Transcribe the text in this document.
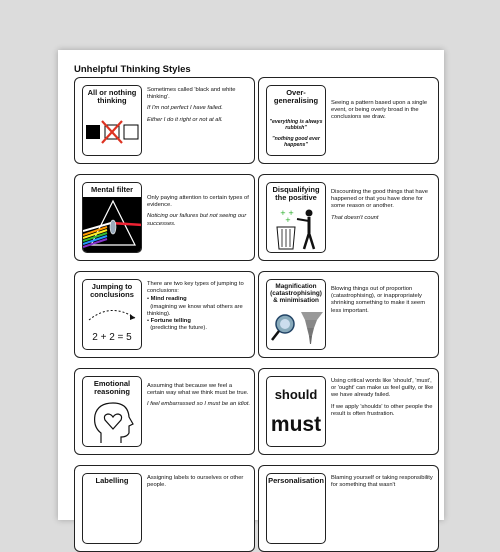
Unhelpful Thinking Styles
All or nothing thinking

Sometimes called 'black and white thinking'.

If I'm not perfect I have failed.

Either I do it right or not at all.

Over-generalising
"everything is always rubbish"
"nothing good ever happens"

Seeing a pattern based upon a single event, or being overly broad in the conclusions we draw.

Mental filter

Only paying attention to certain types of evidence.

Noticing our failures but not seeing our successes.

Disqualifying the positive
+ +
+

Discounting the good things that have happened or that you have done for some reason or another.

That doesn't count

Jumping to conclusions
2 + 2 = 5

There are two key types of jumping to conclusions:

• Mind reading
(imagining we know what others are thinking).
• Fortune telling
(predicting the future).
Magnification (catastrophising) & minimisation

Blowing things out of proportion (catastrophising), or inappropriately shrinking something to make it seem less important.

Emotional reasoning

Assuming that because we feel a certain way what we think must be true.

I feel embarrassed so I must be an idiot.

should
must

Using critical words like 'should', 'must', or 'ought' can make us feel guilty, or like we have already failed.

If we apply 'shoulds' to other people the result is often frustration.

Labelling	Assigning labels to ourselves or other people.

Personalisation Blaming yourself or taking responsibility for something that wasn't
